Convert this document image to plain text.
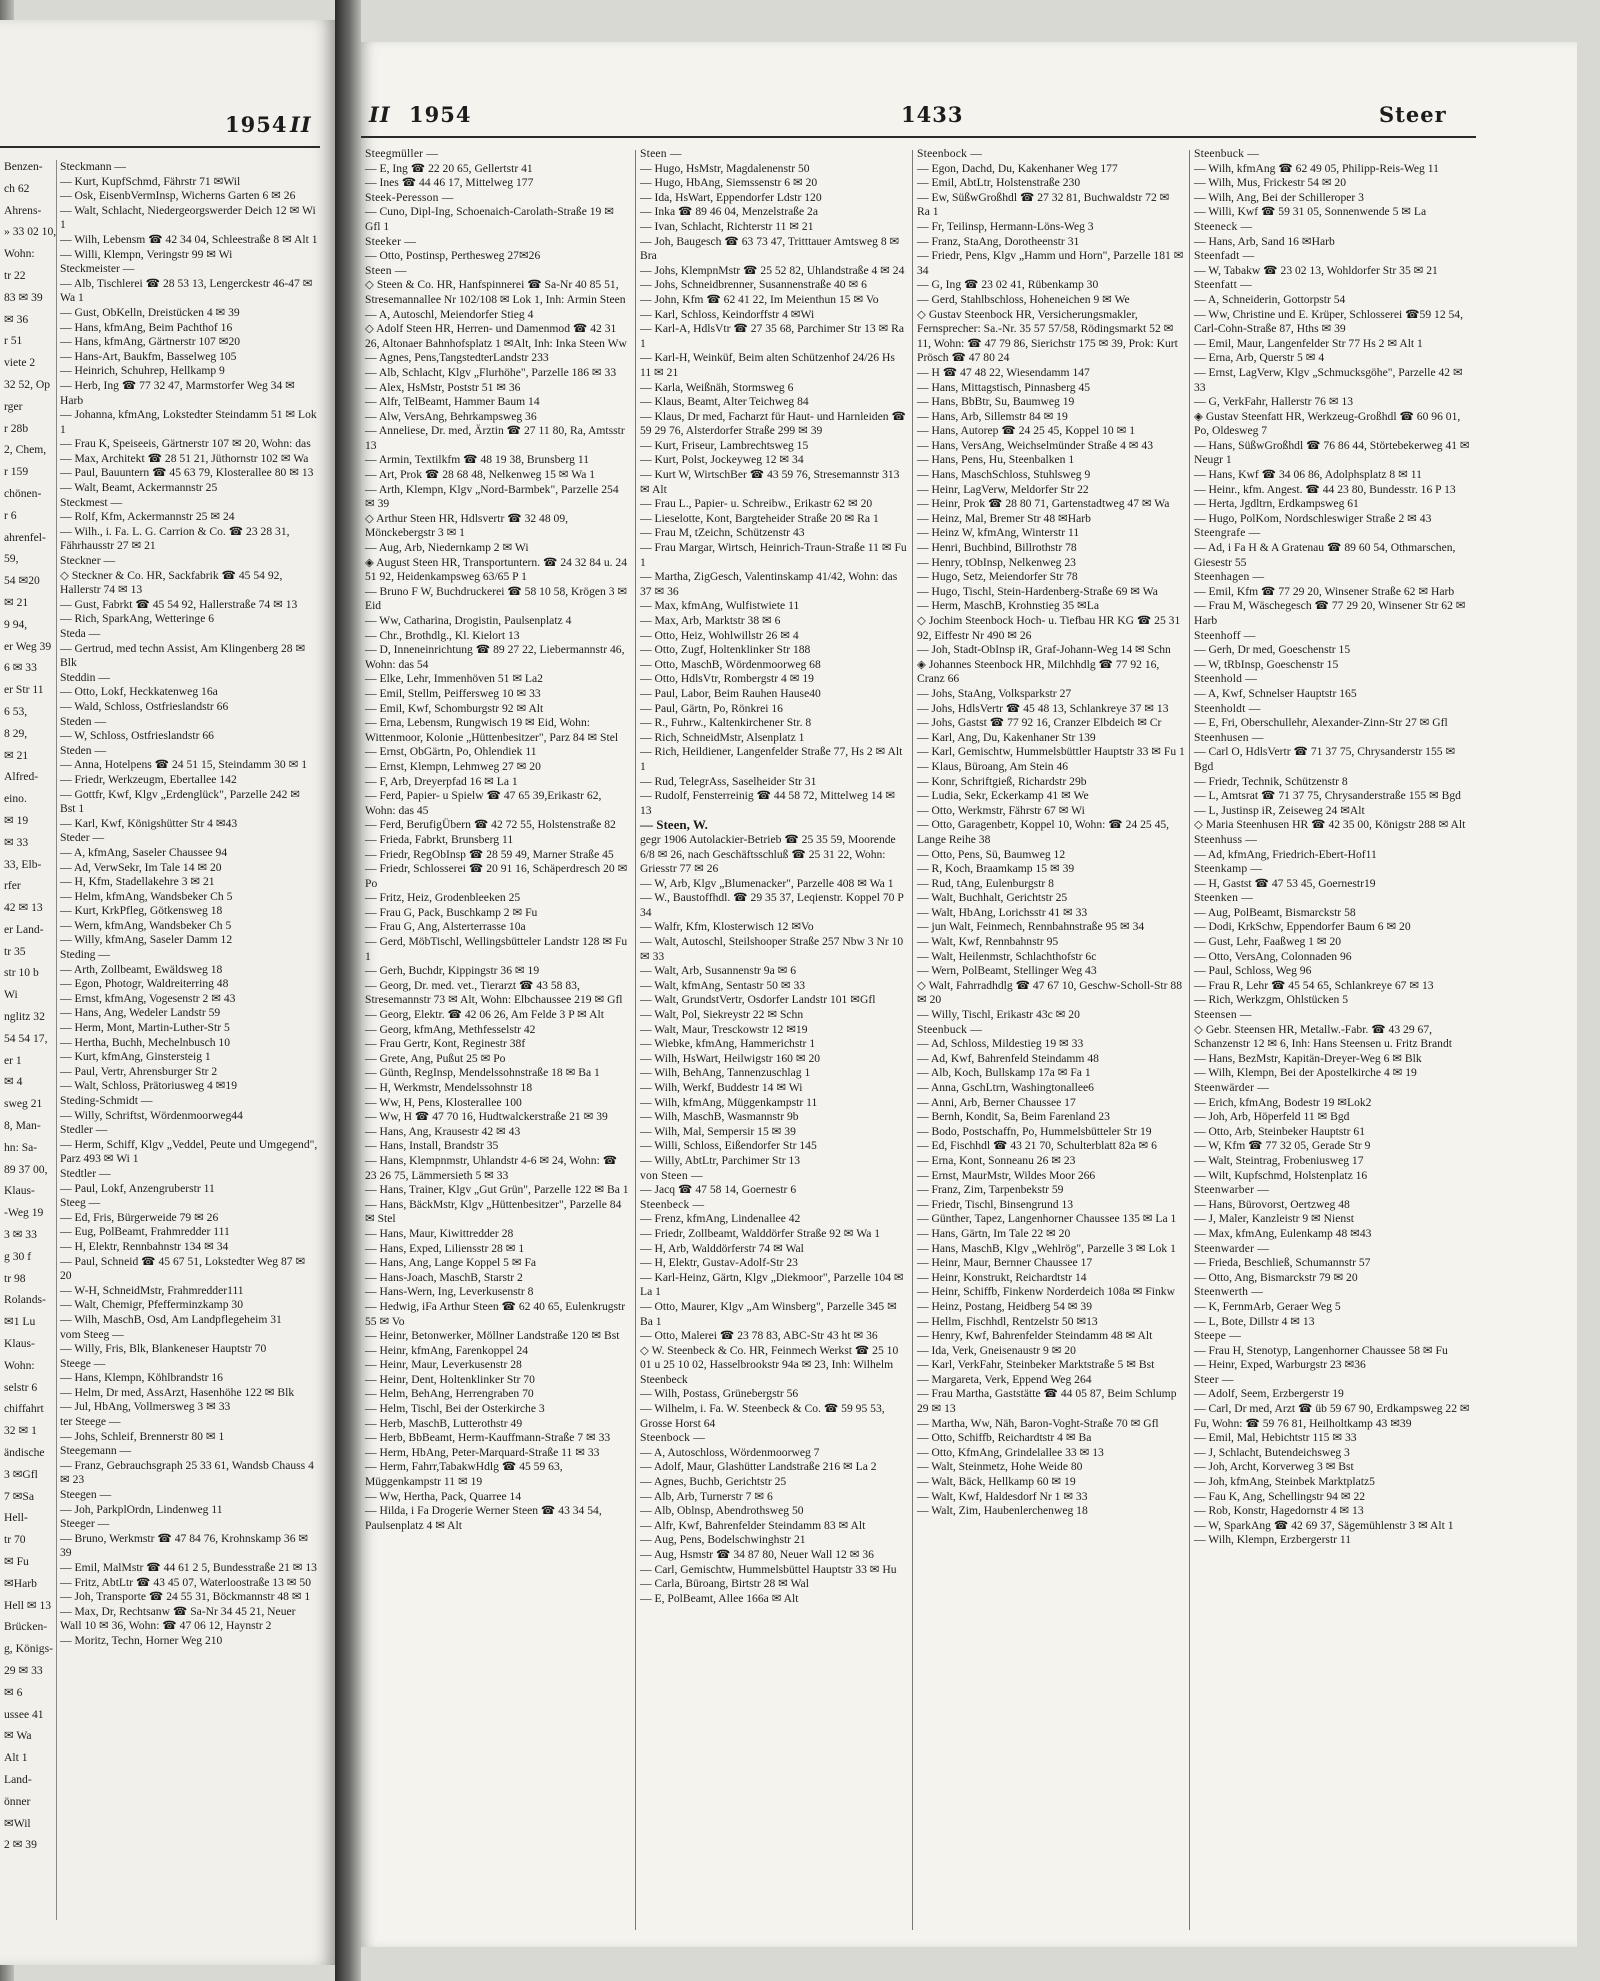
1954 II
Benzen-
ch 62
Ahrens-
» 33 02 10,
Wohn:
tr 22
83 ✉ 39
✉ 36
r 51
viete 2
32 52, Op
rger
r 28b
2, Chem,
r 159
chönen-
r 6
ahrenfel-
59,
54 ✉20
✉ 21
9 94,
er Weg 39
6 ✉ 33
er Str 11
6 53,
8 29,
✉ 21
Alfred-
eino.
✉ 19
✉ 33
33, Elb-
rfer
42 ✉ 13
er Land-
tr 35
str 10 b
Wi
nglitz 32
54 54 17,
er 1
✉ 4
sweg 21
8, Man-
hn: Sa-
89 37 00,
Klaus-
-Weg 19
3 ✉ 33
g 30 f
tr 98
Rolands-
✉1 Lu
Klaus-
Wohn:
selstr 6
chiffahrt
32 ✉ 1
ändische
3 ✉Gfl
7 ✉Sa
Hell-
tr 70
✉ Fu
✉Harb
Hell ✉ 13
Brücken-
g, Königs-
29 ✉ 33
✉ 6
ussee 41
✉ Wa
Alt 1
Land-
önner
✉Wil
2 ✉ 39
Steckmann —
— Kurt, KupfSchmd, Fährstr 71 ✉Wil
— Osk, EisenbVermInsp, Wicherns Garten 6 ✉ 26
— Walt, Schlacht, Niedergeorgswerder Deich 12 ✉ Wi 1
— Wilh, Lebensm ☎ 42 34 04, Schleestraße 8 ✉ Alt 1
— Willi, Klempn, Veringstr 99 ✉ Wi
Steckmeister —
— Alb, Tischlerei ☎ 28 53 13, Lengerckestr 46-47 ✉ Wa 1
— Gust, ObKelln, Dreistücken 4 ✉ 39
— Hans, kfmAng, Beim Pachthof 16
— Hans, kfmAng, Gärtnerstr 107 ✉20
— Hans-Art, Baukfm, Basselweg 105
— Heinrich, Schuhrep, Hellkamp 9
— Herb, Ing ☎ 77 32 47, Marmstorfer Weg 34 ✉ Harb
— Johanna, kfmAng, Lokstedter Steindamm 51 ✉ Lok 1
— Frau K, Speiseeis, Gärtnerstr 107 ✉ 20, Wohn: das
— Max, Architekt ☎ 28 51 21, Jüthornstr 102 ✉ Wa
— Paul, Bauuntern ☎ 45 63 79, Klosterallee 80 ✉ 13
— Walt, Beamt, Ackermannstr 25
Steckmest —
— Rolf, Kfm, Ackermannstr 25 ✉ 24
— Wilh., i. Fa. L. G. Carrion & Co. ☎ 23 28 31, Fährhausstr 27 ✉ 21
Steckner —
◇ Steckner & Co. HR, Sackfabrik ☎ 45 54 92, Hallerstr 74 ✉ 13
— Gust, Fabrkt ☎ 45 54 92, Hallerstraße 74 ✉ 13
— Rich, SparkAng, Wetteringe 6
Steda —
— Gertrud, med techn Assist, Am Klingenberg 28 ✉ Blk
Steddin —
— Otto, Lokf, Heckkatenweg 16a
— Wald, Schloss, Ostfrieslandstr 66
Steden —
— W, Schloss, Ostfrieslandstr 66
Steden —
— Anna, Hotelpens ☎ 24 51 15, Steindamm 30 ✉ 1
— Friedr, Werkzeugm, Ebertallee 142
— Gottfr, Kwf, Klgv „Erdenglück", Parzelle 242 ✉ Bst 1
— Karl, Kwf, Königshütter Str 4 ✉43
Steder —
— A, kfmAng, Saseler Chaussee 94
— Ad, VerwSekr, Im Tale 14 ✉ 20
— H, Kfm, Stadellakehre 3 ✉ 21
— Helm, kfmAng, Wandsbeker Ch 5
— Kurt, KrkPfleg, Götkensweg 18
— Wern, kfmAng, Wandsbeker Ch 5
— Willy, kfmAng, Saseler Damm 12
Steding —
— Arth, Zollbeamt, Ewäldsweg 18
— Egon, Photogr, Waldreiterring 48
— Ernst, kfmAng, Vogesenstr 2 ✉ 43
— Hans, Ang, Wedeler Landstr 59
— Herm, Mont, Martin-Luther-Str 5
— Hertha, Buchh, Mechelnbusch 10
— Kurt, kfmAng, Ginstersteig 1
— Paul, Vertr, Ahrensburger Str 2
— Walt, Schloss, Prätoriusweg 4 ✉19
Steding-Schmidt —
— Willy, Schriftst, Wördenmoorweg44
Stedler —
— Herm, Schiff, Klgv „Veddel, Peute und Umgegend", Parz 493 ✉ Wi 1
Stedtler —
— Paul, Lokf, Anzengruberstr 11
Steeg —
— Ed, Fris, Bürgerweide 79 ✉ 26
— Eug, PolBeamt, Frahmredder 111
— H, Elektr, Rennbahnstr 134 ✉ 34
— Paul, Schneid ☎ 45 67 51, Lokstedter Weg 87 ✉ 20
— W-H, SchneidMstr, Frahmredder111
— Walt, Chemigr, Pfefferminzkamp 30
— Wilh, MaschB, Osd, Am Landpflegeheim 31
vom Steeg —
— Willy, Fris, Blk, Blankeneser Hauptstr 70
Steege —
— Hans, Klempn, Köhlbrandstr 16
— Helm, Dr med, AssArzt, Hasenhöhe 122 ✉ Blk
— Jul, HbAng, Vollmersweg 3 ✉ 33
ter Steege —
— Johs, Schleif, Brennerstr 80 ✉ 1
Steegemann —
— Franz, Gebrauchsgraph 25 33 61, Wandsb Chauss 4 ✉ 23
Steegen —
— Joh, ParkplOrdn, Lindenweg 11
Steeger —
— Bruno, Werkmstr ☎ 47 84 76, Krohnskamp 36 ✉ 39
— Emil, MalMstr ☎ 44 61 2 5, Bundesstraße 21 ✉ 13
— Fritz, AbtLtr ☎ 43 45 07, Waterloostraße 13 ✉ 50
— Joh, Transporte ☎ 24 55 31, Böckmannstr 48 ✉ 1
— Max, Dr, Rechtsanw ☎ Sa-Nr 34 45 21, Neuer Wall 10 ✉ 36, Wohn: ☎ 47 06 12, Haynstr 2
— Moritz, Techn, Horner Weg 210
II 1954	1433	Steer
Steegmüller —
— E, Ing ☎ 22 20 65, Gellertstr 41
— Ines ☎ 44 46 17, Mittelweg 177
Steek-Peresson —
— Cuno, Dipl-Ing, Schoenaich-Carolath-Straße 19 ✉ Gfl 1
Steeker —
— Otto, Postinsp, Perthesweg 27✉26
Steen —
◇ Steen & Co. HR, Hanfspinnerei ☎ Sa-Nr 40 85 51, Stresemannallee Nr 102/108 ✉ Lok 1, Inh: Armin Steen
— A, Autoschl, Meiendorfer Stieg 4
◇ Adolf Steen HR, Herren- und Damenmod ☎ 42 31 26, Altonaer Bahnhofsplatz 1 ✉Alt, Inh: Inka Steen Ww
— Agnes, Pens,TangstedterLandstr 233
— Alb, Schlacht, Klgv „Flurhöhe", Parzelle 186 ✉ 33
— Alex, HsMstr, Poststr 51 ✉ 36
— Alfr, TelBeamt, Hammer Baum 14
— Alw, VersAng, Behrkampsweg 36
— Anneliese, Dr. med, Ärztin ☎ 27 11 80, Ra, Amtsstr 13
— Armin, Textilkfm ☎ 48 19 38, Brunsberg 11
— Art, Prok ☎ 28 68 48, Nelkenweg 15 ✉ Wa 1
— Arth, Klempn, Klgv „Nord-Barmbek", Parzelle 254 ✉ 39
◇ Arthur Steen HR, Hdlsvertr ☎ 32 48 09, Mönckebergstr 3 ✉ 1
— Aug, Arb, Niedernkamp 2 ✉ Wi
◈ August Steen HR, Transportuntern. ☎ 24 32 84 u. 24 51 92, Heidenkampsweg 63/65 P 1
— Bruno F W, Buchdruckerei ☎ 58 10 58, Krögen 3 ✉ Eid
— Ww, Catharina, Drogistin, Paulsenplatz 4
— Chr., Brothdlg., Kl. Kielort 13
— D, Inneneinrichtung ☎ 89 27 22, Liebermannstr 46, Wohn: das 54
— Elke, Lehr, Immenhöven 51 ✉ La2
— Emil, Stellm, Peiffersweg 10 ✉ 33
— Emil, Kwf, Schomburgstr 92 ✉ Alt
— Erna, Lebensm, Rungwisch 19 ✉ Eid, Wohn: Wittenmoor, Kolonie „Hüttenbesitzer", Parz 84 ✉ Stel
— Ernst, ObGärtn, Po, Ohlendiek 11
— Ernst, Klempn, Lehmweg 27 ✉ 20
— F, Arb, Dreyerpfad 16 ✉ La 1
— Ferd, Papier- u Spielw ☎ 47 65 39,Erikastr 62, Wohn: das 45
— Ferd, BerufigÜbern ☎ 42 72 55, Holstenstraße 82
— Frieda, Fabrkt, Brunsberg 11
— Friedr, RegObInsp ☎ 28 59 49, Marner Straße 45
— Friedr, Schlosserei ☎ 20 91 16, Schäperdresch 20 ✉ Po
— Fritz, Heiz, Grodenbleeken 25
— Frau G, Pack, Buschkamp 2 ✉ Fu
— Frau G, Ang, Alsterterrasse 10a
— Gerd, MöbTischl, Wellingsbütteler Landstr 128 ✉ Fu 1
— Gerh, Buchdr, Kippingstr 36 ✉ 19
— Georg, Dr. med. vet., Tierarzt ☎ 43 58 83, Stresemannstr 73 ✉ Alt, Wohn: Elbchaussee 219 ✉ Gfl
— Georg, Elektr. ☎ 42 06 26, Am Felde 3 P ✉ Alt
— Georg, kfmAng, Methfesselstr 42
— Frau Gertr, Kont, Reginestr 38f
— Grete, Ang, Pußut 25 ✉ Po
— Günth, RegInsp, Mendelssohnstraße 18 ✉ Ba 1
— H, Werkmstr, Mendelssohnstr 18
— Ww, H, Pens, Klosterallee 100
— Ww, H ☎ 47 70 16, Hudtwalckerstraße 21 ✉ 39
— Hans, Ang, Krausestr 42 ✉ 43
— Hans, Install, Brandstr 35
— Hans, Klempnmstr, Uhlandstr 4-6 ✉ 24, Wohn: ☎ 23 26 75, Lämmersieth 5 ✉ 33
— Hans, Trainer, Klgv „Gut Grün", Parzelle 122 ✉ Ba 1
— Hans, BäckMstr, Klgv „Hüttenbesitzer", Parzelle 84 ✉ Stel
— Hans, Maur, Kiwittredder 28
— Hans, Exped, Liliensstr 28 ✉ 1
— Hans, Ang, Lange Koppel 5 ✉ Fa
— Hans-Joach, MaschB, Starstr 2
— Hans-Wern, Ing, Leverkusenstr 8
— Hedwig, iFa Arthur Steen ☎ 62 40 65, Eulenkrugstr 55 ✉ Vo
— Heinr, Betonwerker, Möllner Landstraße 120 ✉ Bst
— Heinr, kfmAng, Farenkoppel 24
— Heinr, Maur, Leverkusenstr 28
— Heinr, Dent, Holtenklinker Str 70
— Helm, BehAng, Herrengraben 70
— Helm, Tischl, Bei der Osterkirche 3
— Herb, MaschB, Lutterothstr 49
— Herb, BbBeamt, Herm-Kauffmann-Straße 7 ✉ 33
— Herm, HbAng, Peter-Marquard-Straße 11 ✉ 33
— Herm, Fahrr,TabakwHdlg ☎ 45 59 63, Müggenkampstr 11 ✉ 19
— Ww, Hertha, Pack, Quarree 14
— Hilda, i Fa Drogerie Werner Steen ☎ 43 34 54, Paulsenplatz 4 ✉ Alt
Steen —
— Hugo, HsMstr, Magdalenenstr 50
— Hugo, HbAng, Siemssenstr 6 ✉ 20
— Ida, HsWart, Eppendorfer Ldstr 120
— Inka ☎ 89 46 04, Menzelstraße 2a
— Ivan, Schlacht, Richterstr 11 ✉ 21
— Joh, Baugesch ☎ 63 73 47, Tritttauer Amtsweg 8 ✉ Bra
— Johs, KlempnMstr ☎ 25 52 82, Uhlandstraße 4 ✉ 24
— Johs, Schneidbrenner, Susannenstraße 40 ✉ 6
— John, Kfm ☎ 62 41 22, Im Meienthun 15 ✉ Vo
— Karl, Schloss, Keindorffstr 4 ✉Wi
— Karl-A, HdlsVtr ☎ 27 35 68, Parchimer Str 13 ✉ Ra 1
— Karl-H, Weinküf, Beim alten Schützenhof 24/26 Hs 11 ✉ 21
— Karla, Weißnäh, Stormsweg 6
— Klaus, Beamt, Alter Teichweg 84
— Klaus, Dr med, Facharzt für Haut- und Harnleiden ☎ 59 29 76, Alsterdorfer Straße 299 ✉ 39
— Kurt, Friseur, Lambrechtsweg 15
— Kurt, Polst, Jockeyweg 12 ✉ 34
— Kurt W, WirtschBer ☎ 43 59 76, Stresemannstr 313 ✉ Alt
— Frau L., Papier- u. Schreibw., Erikastr 62 ✉ 20
— Lieselotte, Kont, Bargteheider Straße 20 ✉ Ra 1
— Frau M, tZeichn, Schützenstr 43
— Frau Margar, Wirtsch, Heinrich-Traun-Straße 11 ✉ Fu 1
— Martha, ZigGesch, Valentinskamp 41/42, Wohn: das 37 ✉ 36
— Max, kfmAng, Wulfistwiete 11
— Max, Arb, Marktstr 38 ✉ 6
— Otto, Heiz, Wohlwillstr 26 ✉ 4
— Otto, Zugf, Holtenklinker Str 188
— Otto, MaschB, Wördenmoorweg 68
— Otto, HdlsVtr, Rombergstr 4 ✉ 19
— Paul, Labor, Beim Rauhen Hause40
— Paul, Gärtn, Po, Rönkrei 16
— R., Fuhrw., Kaltenkirchener Str. 8
— Rich, SchneidMstr, Alsenplatz 1
— Rich, Heildiener, Langenfelder Straße 77, Hs 2 ✉ Alt 1
— Rud, TelegrAss, Saselheider Str 31
— Rudolf, Fensterreinig ☎ 44 58 72, Mittelweg 14 ✉ 13
— Steen, W.
gegr 1906 Autolackier-Betrieb ☎ 25 35 59, Moorende 6/8 ✉ 26, nach Geschäftsschluß ☎ 25 31 22, Wohn: Griesstr 77 ✉ 26
— W, Arb, Klgv „Blumenacker", Parzelle 408 ✉ Wa 1
— W., Baustoffhdl. ☎ 29 35 37, Leqienstr. Koppel 70 P 34
— Walfr, Kfm, Klosterwisch 12 ✉Vo
— Walt, Autoschl, Steilshooper Straße 257 Nbw 3 Nr 10 ✉ 33
— Walt, Arb, Susannenstr 9a ✉ 6
— Walt, kfmAng, Sentastr 50 ✉ 33
— Walt, GrundstVertr, Osdorfer Landstr 101 ✉Gfl
— Walt, Pol, Siekreystr 22 ✉ Schn
— Walt, Maur, Tresckowstr 12 ✉19
— Wiebke, kfmAng, Hammerichstr 1
— Wilh, HsWart, Heilwigstr 160 ✉ 20
— Wilh, BehAng, Tannenzuschlag 1
— Wilh, Werkf, Buddestr 14 ✉ Wi
— Wilh, kfmAng, Müggenkampstr 11
— Wilh, MaschB, Wasmannstr 9b
— Wilh, Mal, Sempersir 15 ✉ 39
— Willi, Schloss, Eißendorfer Str 145
— Willy, AbtLtr, Parchimer Str 13
von Steen —
— Jacq ☎ 47 58 14, Goernestr 6
Steenbeck —
— Frenz, kfmAng, Lindenallee 42
— Friedr, Zollbeamt, Walddörfer Straße 92 ✉ Wa 1
— H, Arb, Walddörferstr 74 ✉ Wal
— H, Elektr, Gustav-Adolf-Str 23
— Karl-Heinz, Gärtn, Klgv „Diekmoor", Parzelle 104 ✉ La 1
— Otto, Maurer, Klgv „Am Winsberg", Parzelle 345 ✉ Ba 1
— Otto, Malerei ☎ 23 78 83, ABC-Str 43 ht ✉ 36
◇ W. Steenbeck & Co. HR, Feinmech Werkst ☎ 25 10 01 u 25 10 02, Hasselbrookstr 94a ✉ 23, Inh: Wilhelm Steenbeck
— Wilh, Postass, Grünebergstr 56
— Wilhelm, i. Fa. W. Steenbeck & Co. ☎ 59 95 53, Grosse Horst 64
Steenbock —
— A, Autoschloss, Wördenmoorweg 7
— Adolf, Maur, Glashütter Landstraße 216 ✉ La 2
— Agnes, Buchb, Gerichtstr 25
— Alb, Arb, Turnerstr 7 ✉ 6
— Alb, Oblnsp, Abendrothsweg 50
— Alfr, Kwf, Bahrenfelder Steindamm 83 ✉ Alt
— Aug, Pens, Bodelschwinghstr 21
— Aug, Hsmstr ☎ 34 87 80, Neuer Wall 12 ✉ 36
— Carl, Gemischtw, Hummelsbüttel Hauptstr 33 ✉ Hu
— Carla, Büroang, Birtstr 28 ✉ Wal
— E, PolBeamt, Allee 166a ✉ Alt
Steenbock —
— Egon, Dachd, Du, Kakenhaner Weg 177
— Emil, AbtLtr, Holstenstraße 230
— Ew, SüßwGroßhdl ☎ 27 32 81, Buchwaldstr 72 ✉ Ra 1
— Fr, Teilinsp, Hermann-Löns-Weg 3
— Franz, StaAng, Dorotheenstr 31
— Friedr, Pens, Klgv „Hamm und Horn", Parzelle 181 ✉ 34
— G, Ing ☎ 23 02 41, Rübenkamp 30
— Gerd, Stahlbschloss, Hoheneichen 9 ✉ We
◇ Gustav Steenbock HR, Versicherungsmakler, Fernsprecher: Sa.-Nr. 35 57 57/58, Rödingsmarkt 52 ✉ 11, Wohn: ☎ 47 79 86, Sierichstr 175 ✉ 39, Prok: Kurt Prösch ☎ 47 80 24
— H ☎ 47 48 22, Wiesendamm 147
— Hans, Mittagstisch, Pinnasberg 45
— Hans, BbBtr, Su, Baumweg 19
— Hans, Arb, Sillemstr 84 ✉ 19
— Hans, Autorep ☎ 24 25 45, Koppel 10 ✉ 1
— Hans, VersAng, Weichselmünder Straße 4 ✉ 43
— Hans, Pens, Hu, Steenbalken 1
— Hans, MaschSchloss, Stuhlsweg 9
— Heinr, LagVerw, Meldorfer Str 22
— Heinr, Prok ☎ 28 80 71, Gartenstadtweg 47 ✉ Wa
— Heinz, Mal, Bremer Str 48 ✉Harb
— Heinz W, kfmAng, Winterstr 11
— Henri, Buchbind, Billrothstr 78
— Henry, tObInsp, Nelkenweg 23
— Hugo, Setz, Meiendorfer Str 78
— Hugo, Tischl, Stein-Hardenberg-Straße 69 ✉ Wa
— Herm, MaschB, Krohnstieg 35 ✉La
◇ Jochim Steenbock Hoch- u. Tiefbau HR KG ☎ 25 31 92, Eiffestr Nr 490 ✉ 26
— Joh, Stadt-ObInsp iR, Graf-Johann-Weg 14 ✉ Schn
◈ Johannes Steenbock HR, Milchhdlg ☎ 77 92 16, Cranz 66
— Johs, StaAng, Volksparkstr 27
— Johs, HdlsVertr ☎ 45 48 13, Schlankreye 37 ✉ 13
— Johs, Gastst ☎ 77 92 16, Cranzer Elbdeich ✉ Cr
— Karl, Ang, Du, Kakenhaner Str 139
— Karl, Gemischtw, Hummelsbüttler Hauptstr 33 ✉ Fu 1
— Klaus, Büroang, Am Stein 46
— Konr, Schriftgieß, Richardstr 29b
— Ludia, Sekr, Eckerkamp 41 ✉ We
— Otto, Werkmstr, Fährstr 67 ✉ Wi
— Otto, Garagenbetr, Koppel 10, Wohn: ☎ 24 25 45, Lange Reihe 38
— Otto, Pens, Sü, Baumweg 12
— R, Koch, Braamkamp 15 ✉ 39
— Rud, tAng, Eulenburgstr 8
— Walt, Buchhalt, Gerichtstr 25
— Walt, HbAng, Lorichsstr 41 ✉ 33
— jun Walt, Feinmech, Rennbahnstraße 95 ✉ 34
— Walt, Kwf, Rennbahnstr 95
— Walt, Heilenmstr, Schlachthofstr 6c
— Wern, PolBeamt, Stellinger Weg 43
◇ Walt, Fahrradhdlg ☎ 47 67 10, Geschw-Scholl-Str 88 ✉ 20
— Willy, Tischl, Erikastr 43c ✉ 20
Steenbuck —
— Ad, Schloss, Mildestieg 19 ✉ 33
— Ad, Kwf, Bahrenfeld Steindamm 48
— Alb, Koch, Bullskamp 17a ✉ Fa 1
— Anna, GschLtrn, Washingtonallee6
— Anni, Arb, Berner Chaussee 17
— Bernh, Kondit, Sa, Beim Farenland 23
— Bodo, Postschaffn, Po, Hummelsbütteler Str 19
— Ed, Fischhdl ☎ 43 21 70, Schulterblatt 82a ✉ 6
— Erna, Kont, Sonneanu 26 ✉ 23
— Ernst, MaurMstr, Wildes Moor 266
— Franz, Zim, Tarpenbekstr 59
— Friedr, Tischl, Binsengrund 13
— Günther, Tapez, Langenhorner Chaussee 135 ✉ La 1
— Hans, Gärtn, Im Tale 22 ✉ 20
— Hans, MaschB, Klgv „Wehlrög", Parzelle 3 ✉ Lok 1
— Heinr, Maur, Bernner Chaussee 17
— Heinr, Konstrukt, Reichardtstr 14
— Heinr, Schiffb, Finkenw Norderdeich 108a ✉ Finkw
— Heinz, Postang, Heidberg 54 ✉ 39
— Hellm, Fischhdl, Rentzelstr 50 ✉13
— Henry, Kwf, Bahrenfelder Steindamm 48 ✉ Alt
— Ida, Verk, Gneisenaustr 9 ✉ 20
— Karl, VerkFahr, Steinbeker Marktstraße 5 ✉ Bst
— Margareta, Verk, Eppend Weg 264
— Frau Martha, Gaststätte ☎ 44 05 87, Beim Schlump 29 ✉ 13
— Martha, Ww, Näh, Baron-Voght-Straße 70 ✉ Gfl
— Otto, Schiffb, Reichardtstr 4 ✉ Ba
— Otto, KfmAng, Grindelallee 33 ✉ 13
— Walt, Steinmetz, Hohe Weide 80
— Walt, Bäck, Hellkamp 60 ✉ 19
— Walt, Kwf, Haldesdorf Nr 1 ✉ 33
— Walt, Zim, Haubenlerchenweg 18
Steenbuck —
— Wilh, kfmAng ☎ 62 49 05, Philipp-Reis-Weg 11
— Wilh, Mus, Frickestr 54 ✉ 20
— Wilh, Ang, Bei der Schilleroper 3
— Willi, Kwf ☎ 59 31 05, Sonnenwende 5 ✉ La
Steeneck —
— Hans, Arb, Sand 16 ✉Harb
Steenfadt —
— W, Tabakw ☎ 23 02 13, Wohldorfer Str 35 ✉ 21
Steenfatt —
— A, Schneiderin, Gottorpstr 54
— Ww, Christine und E. Krüper, Schlosserei ☎59 12 54, Carl-Cohn-Straße 87, Hths ✉ 39
— Emil, Maur, Langenfelder Str 77 Hs 2 ✉ Alt 1
— Erna, Arb, Querstr 5 ✉ 4
— Ernst, LagVerw, Klgv „Schmucksgöhe", Parzelle 42 ✉ 33
— G, VerkFahr, Hallerstr 76 ✉ 13
◈ Gustav Steenfatt HR, Werkzeug-Großhdl ☎ 60 96 01, Po, Oldesweg 7
— Hans, SüßwGroßhdl ☎ 76 86 44, Störtebekerweg 41 ✉ Neugr 1
— Hans, Kwf ☎ 34 06 86, Adolphsplatz 8 ✉ 11
— Heinr., kfm. Angest. ☎ 44 23 80, Bundesstr. 16 P 13
— Herta, Jgdltrn, Erdkampsweg 61
— Hugo, PolKom, Nordschleswiger Straße 2 ✉ 43
Steengrafe —
— Ad, i Fa H & A Gratenau ☎ 89 60 54, Othmarschen, Giesestr 55
Steenhagen —
— Emil, Kfm ☎ 77 29 20, Winsener Straße 62 ✉ Harb
— Frau M, Wäschegesch ☎ 77 29 20, Winsener Str 62 ✉ Harb
Steenhoff —
— Gerh, Dr med, Goeschenstr 15
— W, tRbInsp, Goeschenstr 15
Steenhold —
— A, Kwf, Schnelser Hauptstr 165
Steenholdt —
— E, Fri, Oberschullehr, Alexander-Zinn-Str 27 ✉ Gfl
Steenhusen —
— Carl O, HdlsVertr ☎ 71 37 75, Chrysanderstr 155 ✉ Bgd
— Friedr, Technik, Schützenstr 8
— L, Amtsrat ☎ 71 37 75, Chrysanderstraße 155 ✉ Bgd
— L, Justinsp iR, Zeiseweg 24 ✉Alt
◇ Maria Steenhusen HR ☎ 42 35 00, Königstr 288 ✉ Alt
Steenhuss —
— Ad, kfmAng, Friedrich-Ebert-Hof11
Steenkamp —
— H, Gastst ☎ 47 53 45, Goernestr19
Steenken —
— Aug, PolBeamt, Bismarckstr 58
— Dodi, KrkSchw, Eppendorfer Baum 6 ✉ 20
— Gust, Lehr, Faaßweg 1 ✉ 20
— Otto, VersAng, Colonnaden 96
— Paul, Schloss, Weg 96
— Frau R, Lehr ☎ 45 54 65, Schlankreye 67 ✉ 13
— Rich, Werkzgm, Ohlstücken 5
Steensen —
◇ Gebr. Steensen HR, Metallw.-Fabr. ☎ 43 29 67, Schanzenstr 12 ✉ 6, Inh: Hans Steensen u. Fritz Brandt
— Hans, BezMstr, Kapitän-Dreyer-Weg 6 ✉ Blk
— Wilh, Klempn, Bei der Apostelkirche 4 ✉ 19
Steenwärder —
— Erich, kfmAng, Bodestr 19 ✉Lok2
— Joh, Arb, Höperfeld 11 ✉ Bgd
— Otto, Arb, Steinbeker Hauptstr 61
— W, Kfm ☎ 77 32 05, Gerade Str 9
— Walt, Steintrag, Frobeniusweg 17
— Wilt, Kupfschmd, Holstenplatz 16
Steenwarber —
— Hans, Bürovorst, Oertzweg 48
— J, Maler, Kanzleistr 9 ✉ Nienst
— Max, kfmAng, Eulenkamp 48 ✉43
Steenwarder —
— Frieda, Beschließ, Schumannstr 57
— Otto, Ang, Bismarckstr 79 ✉ 20
Steenwerth —
— K, FernmArb, Geraer Weg 5
— L, Bote, Dillstr 4 ✉ 13
Steepe —
— Frau H, Stenotyp, Langenhorner Chaussee 58 ✉ Fu
— Heinr, Exped, Warburgstr 23 ✉36
Steer —
— Adolf, Seem, Erzbergerstr 19
— Carl, Dr med, Arzt ☎ üb 59 67 90, Erdkampsweg 22 ✉ Fu, Wohn: ☎ 59 76 81, Heilholtkamp 43 ✉39
— Emil, Mal, Hebichtstr 115 ✉ 33
— J, Schlacht, Butendeichsweg 3
— Joh, Archt, Korverweg 3 ✉ Bst
— Joh, kfmAng, Steinbek Marktplatz5
— Fau K, Ang, Schellingstr 94 ✉ 22
— Rob, Konstr, Hagedornstr 4 ✉ 13
— W, SparkAng ☎ 42 69 37, Sägemühlenstr 3 ✉ Alt 1
— Wilh, Klempn, Erzbergerstr 11
